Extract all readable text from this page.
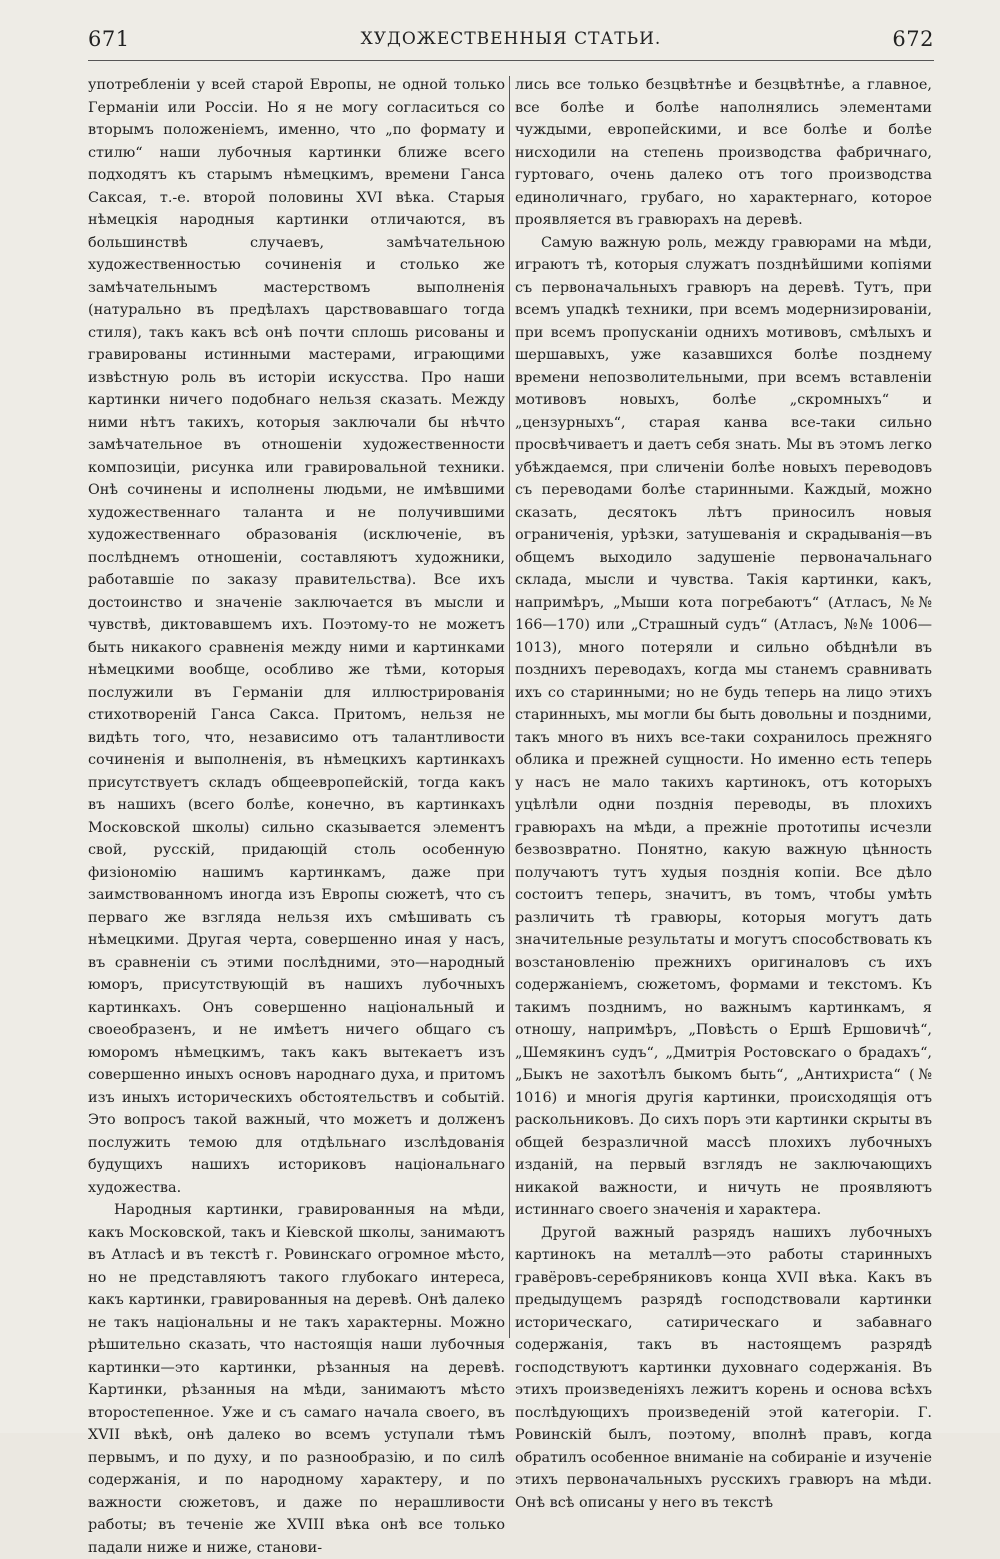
671	ХУДОЖЕСТВЕННЫЯ СТАТЬИ.	672

употребленіи у всей старой Европы, не одной только Германіи или Россіи. Но я не могу согласиться со вторымъ положеніемъ, именно, что „по формату и стилю“ наши лубочныя картинки ближе всего подходятъ къ старымъ нѣмецкимъ, времени Ганса Саксая, т.-е. второй половины XVI вѣка. Старыя нѣмецкія народныя картинки отличаются, въ большинствѣ случаевъ, замѣчательною художественностью сочиненія и столько же замѣчательнымъ мастерствомъ выполненія (натурально въ предѣлахъ царствовавшаго тогда стиля), такъ какъ всѣ онѣ почти сплошь рисованы и гравированы истинными мастерами, играющими извѣстную роль въ исторіи искусства. Про наши картинки ничего подобнаго нельзя сказать. Между ними нѣтъ такихъ, которыя заключали бы нѣчто замѣчательное въ отношеніи художественности композиціи, рисунка или гравировальной техники. Онѣ сочинены и исполнены людьми, не имѣвшими художественнаго таланта и не получившими художественнаго образованія (исключеніе, въ послѣднемъ отношеніи, составляютъ художники, работавшіе по заказу правительства). Все ихъ достоинство и значеніе заключается въ мысли и чувствѣ, диктовавшемъ ихъ. Поэтому-то не можетъ быть никакого сравненія между ними и картинками нѣмецкими вообще, особливо же тѣми, которыя послужили въ Германіи для иллюстрированія стихотвореній Ганса Сакса. Притомъ, нельзя не видѣть того, что, независимо отъ талантливости сочиненія и выполненія, въ нѣмецкихъ картинкахъ присутствуетъ складъ общеевропейскій, тогда какъ въ нашихъ (всего болѣе, конечно, въ картинкахъ Московской школы) сильно сказывается элементъ свой, русскій, придающій столь особенную физіономію нашимъ картинкамъ, даже при заимствованномъ иногда изъ Европы сюжетѣ, что съ перваго же взгляда нельзя ихъ смѣшивать съ нѣмецкими. Другая черта, совершенно иная у насъ, въ сравненіи съ этими послѣдними, это—народный юморъ, присутствующій въ нашихъ лубочныхъ картинкахъ. Онъ совершенно національный и своеобразенъ, и не имѣетъ ничего общаго съ юморомъ нѣмецкимъ, такъ какъ вытекаетъ изъ совершенно иныхъ основъ народнаго духа, и притомъ изъ иныхъ историческихъ обстоятельствъ и событій. Это вопросъ такой важный, что можетъ и долженъ послужить темою для отдѣльнаго изслѣдованія будущихъ нашихъ историковъ національнаго художества.

Народныя картинки, гравированныя на мѣди, какъ Московской, такъ и Кіевской школы, занимаютъ въ Атласѣ и въ текстѣ г. Ровинскаго огромное мѣсто, но не представляютъ такого глубокаго интереса, какъ картинки, гравированныя на деревѣ. Онѣ далеко не такъ національны и не такъ характерны. Можно рѣшительно сказать, что настоящія наши лубочныя картинки—это картинки, рѣзанныя на деревѣ. Картинки, рѣзанныя на мѣди, занимаютъ мѣсто второстепенное. Уже и съ самаго начала своего, въ XVII вѣкѣ, онѣ далеко во всемъ уступали тѣмъ первымъ, и по духу, и по разнообразію, и по силѣ содержанія, и по народному характеру, и по важности сюжетовъ, и даже по нерашливости работы; въ теченіе же XVIII вѣка онѣ все только падали ниже и ниже, станови-

лись все только безцвѣтнѣе и безцвѣтнѣе, а главное, все болѣе и болѣе наполнялись элементами чуждыми, европейскими, и все болѣе и болѣе нисходили на степень производства фабричнаго, гуртоваго, очень далеко отъ того производства единоличнаго, грубаго, но характернаго, которое проявляется въ гравюрахъ на деревѣ.

Самую важную роль, между гравюрами на мѣди, играютъ тѣ, которыя служатъ позднѣйшими копіями съ первоначальныхъ гравюръ на деревѣ. Тутъ, при всемъ упадкѣ техники, при всемъ модернизированіи, при всемъ пропусканіи однихъ мотивовъ, смѣлыхъ и шершавыхъ, уже казавшихся болѣе позднему времени непозволительными, при всемъ вставленіи мотивовъ новыхъ, болѣе „скромныхъ“ и „цензурныхъ“, старая канва все-таки сильно просвѣчиваетъ и даетъ себя знать. Мы въ этомъ легко убѣждаемся, при сличеніи болѣе новыхъ переводовъ съ переводами болѣе старинными. Каждый, можно сказать, десятокъ лѣтъ приносилъ новыя ограниченія, урѣзки, затушеванія и скрадыванія—въ общемъ выходило задушеніе первоначальнаго склада, мысли и чувства. Такія картинки, какъ, напримѣръ, „Мыши кота погребаютъ“ (Атласъ, №№ 166—170) или „Страшный судъ“ (Атласъ, №№ 1006—1013), много потеряли и сильно обѣднѣли въ позднихъ переводахъ, когда мы станемъ сравнивать ихъ со старинными; но не будь теперь на лицо этихъ старинныхъ, мы могли бы быть довольны и поздними, такъ много въ нихъ все-таки сохранилось прежняго облика и прежней сущности. Но именно есть теперь у насъ не мало такихъ картинокъ, отъ которыхъ уцѣлѣли одни позднія переводы, въ плохихъ гравюрахъ на мѣди, а прежніе прототипы исчезли безвозвратно. Понятно, какую важную цѣнность получаютъ тутъ худыя позднія копіи. Все дѣло состоитъ теперь, значитъ, въ томъ, чтобы умѣть различить тѣ гравюры, которыя могутъ дать значительные результаты и могутъ способствовать къ возстановленію прежнихъ оригиналовъ съ ихъ содержаніемъ, сюжетомъ, формами и текстомъ. Къ такимъ позднимъ, но важнымъ картинкамъ, я отношу, напримѣръ, „Повѣсть о Ершѣ Ершовичѣ“, „Шемякинъ судъ“, „Дмитрія Ростовскаго о брадахъ“, „Быкъ не захотѣлъ быкомъ быть“, „Антихриста“ (№ 1016) и многія другія картинки, происходящія отъ раскольниковъ. До сихъ поръ эти картинки скрыты въ общей безразличной массѣ плохихъ лубочныхъ изданій, на первый взглядъ не заключающихъ никакой важности, и ничуть не проявляютъ истиннаго своего значенія и характера.

Другой важный разрядъ нашихъ лубочныхъ картинокъ на металлѣ—это работы старинныхъ гравёровъ-серебряниковъ конца XVII вѣка. Какъ въ предыдущемъ разрядѣ господствовали картинки историческаго, сатирическаго и забавнаго содержанія, такъ въ настоящемъ разрядѣ господствуютъ картинки духовнаго содержанія. Въ этихъ произведеніяхъ лежитъ корень и основа всѣхъ послѣдующихъ произведеній этой категоріи. Г. Ровинскій былъ, поэтому, вполнѣ правъ, когда обратилъ особенное вниманіе на собираніе и изученіе этихъ первоначальныхъ русскихъ гравюръ на мѣди. Онѣ всѣ описаны у него въ текстѣ
